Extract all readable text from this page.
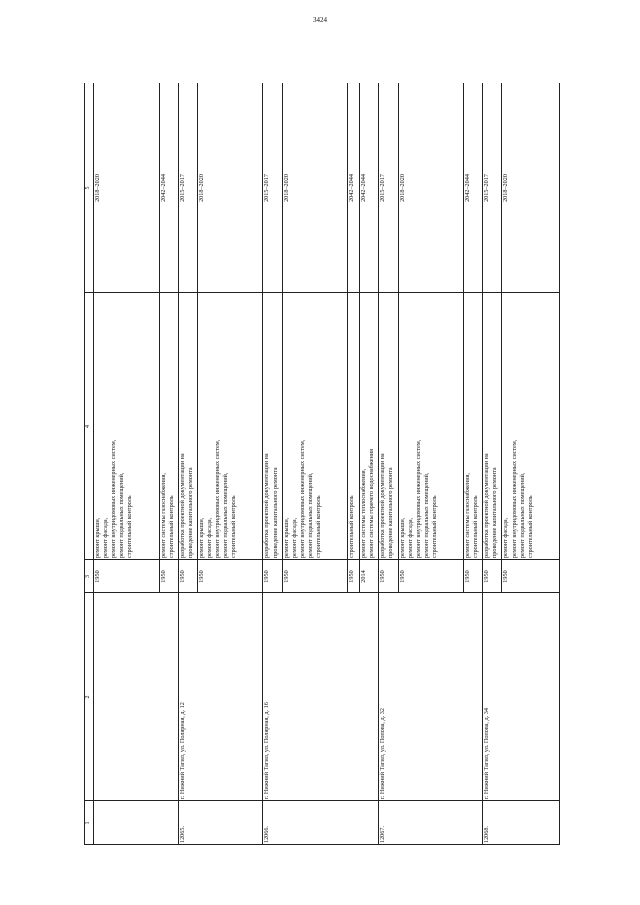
3424
1
2
3
4
5
1950
ремонт крыши, ремонт фасада, ремонт внутридомовых инженерных систем, ремонт подвальных помещений, строительный контроль
2018–2020
1950
ремонт системы газоснабжения, строительный контроль
2042–2044
12065.
г. Нижний Тагил, ул. Полярная, д. 12
1950
разработка проектной документации на проведение капитального ремонта
2015–2017
1950
ремонт крыши, ремонт фасада, ремонт внутридомовых инженерных систем, ремонт подвальных помещений, строительный контроль
2018–2020
12066.
г. Нижний Тагил, ул. Полярная, д. 16
1950
разработка проектной документации на проведение капитального ремонта
2015–2017
1950
ремонт крыши, ремонт фасада, ремонт внутридомовых инженерных систем, ремонт подвальных помещений, строительный контроль
2018–2020
1950
строительный контроль
2042–2044
2014
ремонт системы теплоснабжения, ремонт системы горячего водоснабжения
2042–2044
12067.
г. Нижний Тагил, ул. Попова, д. 32
1950
разработка проектной документации на проведение капитального ремонта
2015–2017
1950
ремонт крыши, ремонт фасада, ремонт внутридомовых инженерных систем, ремонт подвальных помещений, строительный контроль
2018–2020
1950
ремонт системы газоснабжения, строительный контроль
2042–2044
12068.
г. Нижний Тагил, ул. Попова, д. 34
1950
разработка проектной документации на проведение капитального ремонта
2015–2017
1950
ремонт фасада, ремонт внутридомовых инженерных систем, ремонт подвальных помещений, строительный контроль
2018–2020
